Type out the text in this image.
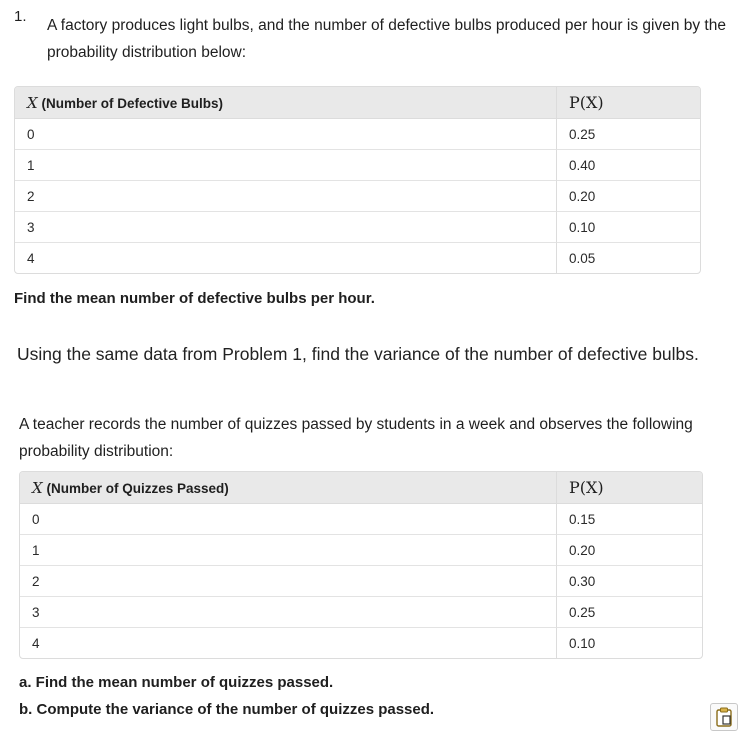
1.
A factory produces light bulbs, and the number of defective bulbs produced per hour is given by the probability distribution below:
X (Number of Defective Bulbs)	P(X)
0	0.25
1	0.40
2	0.20
3	0.10
4	0.05
Find the mean number of defective bulbs per hour.
Using the same data from Problem 1, find the variance of the number of defective bulbs.
A teacher records the number of quizzes passed by students in a week and observes the following probability distribution:
X (Number of Quizzes Passed)	P(X)
0	0.15
1	0.20
2	0.30
3	0.25
4	0.10
a. Find the mean number of quizzes passed.
b. Compute the variance of the number of quizzes passed.
